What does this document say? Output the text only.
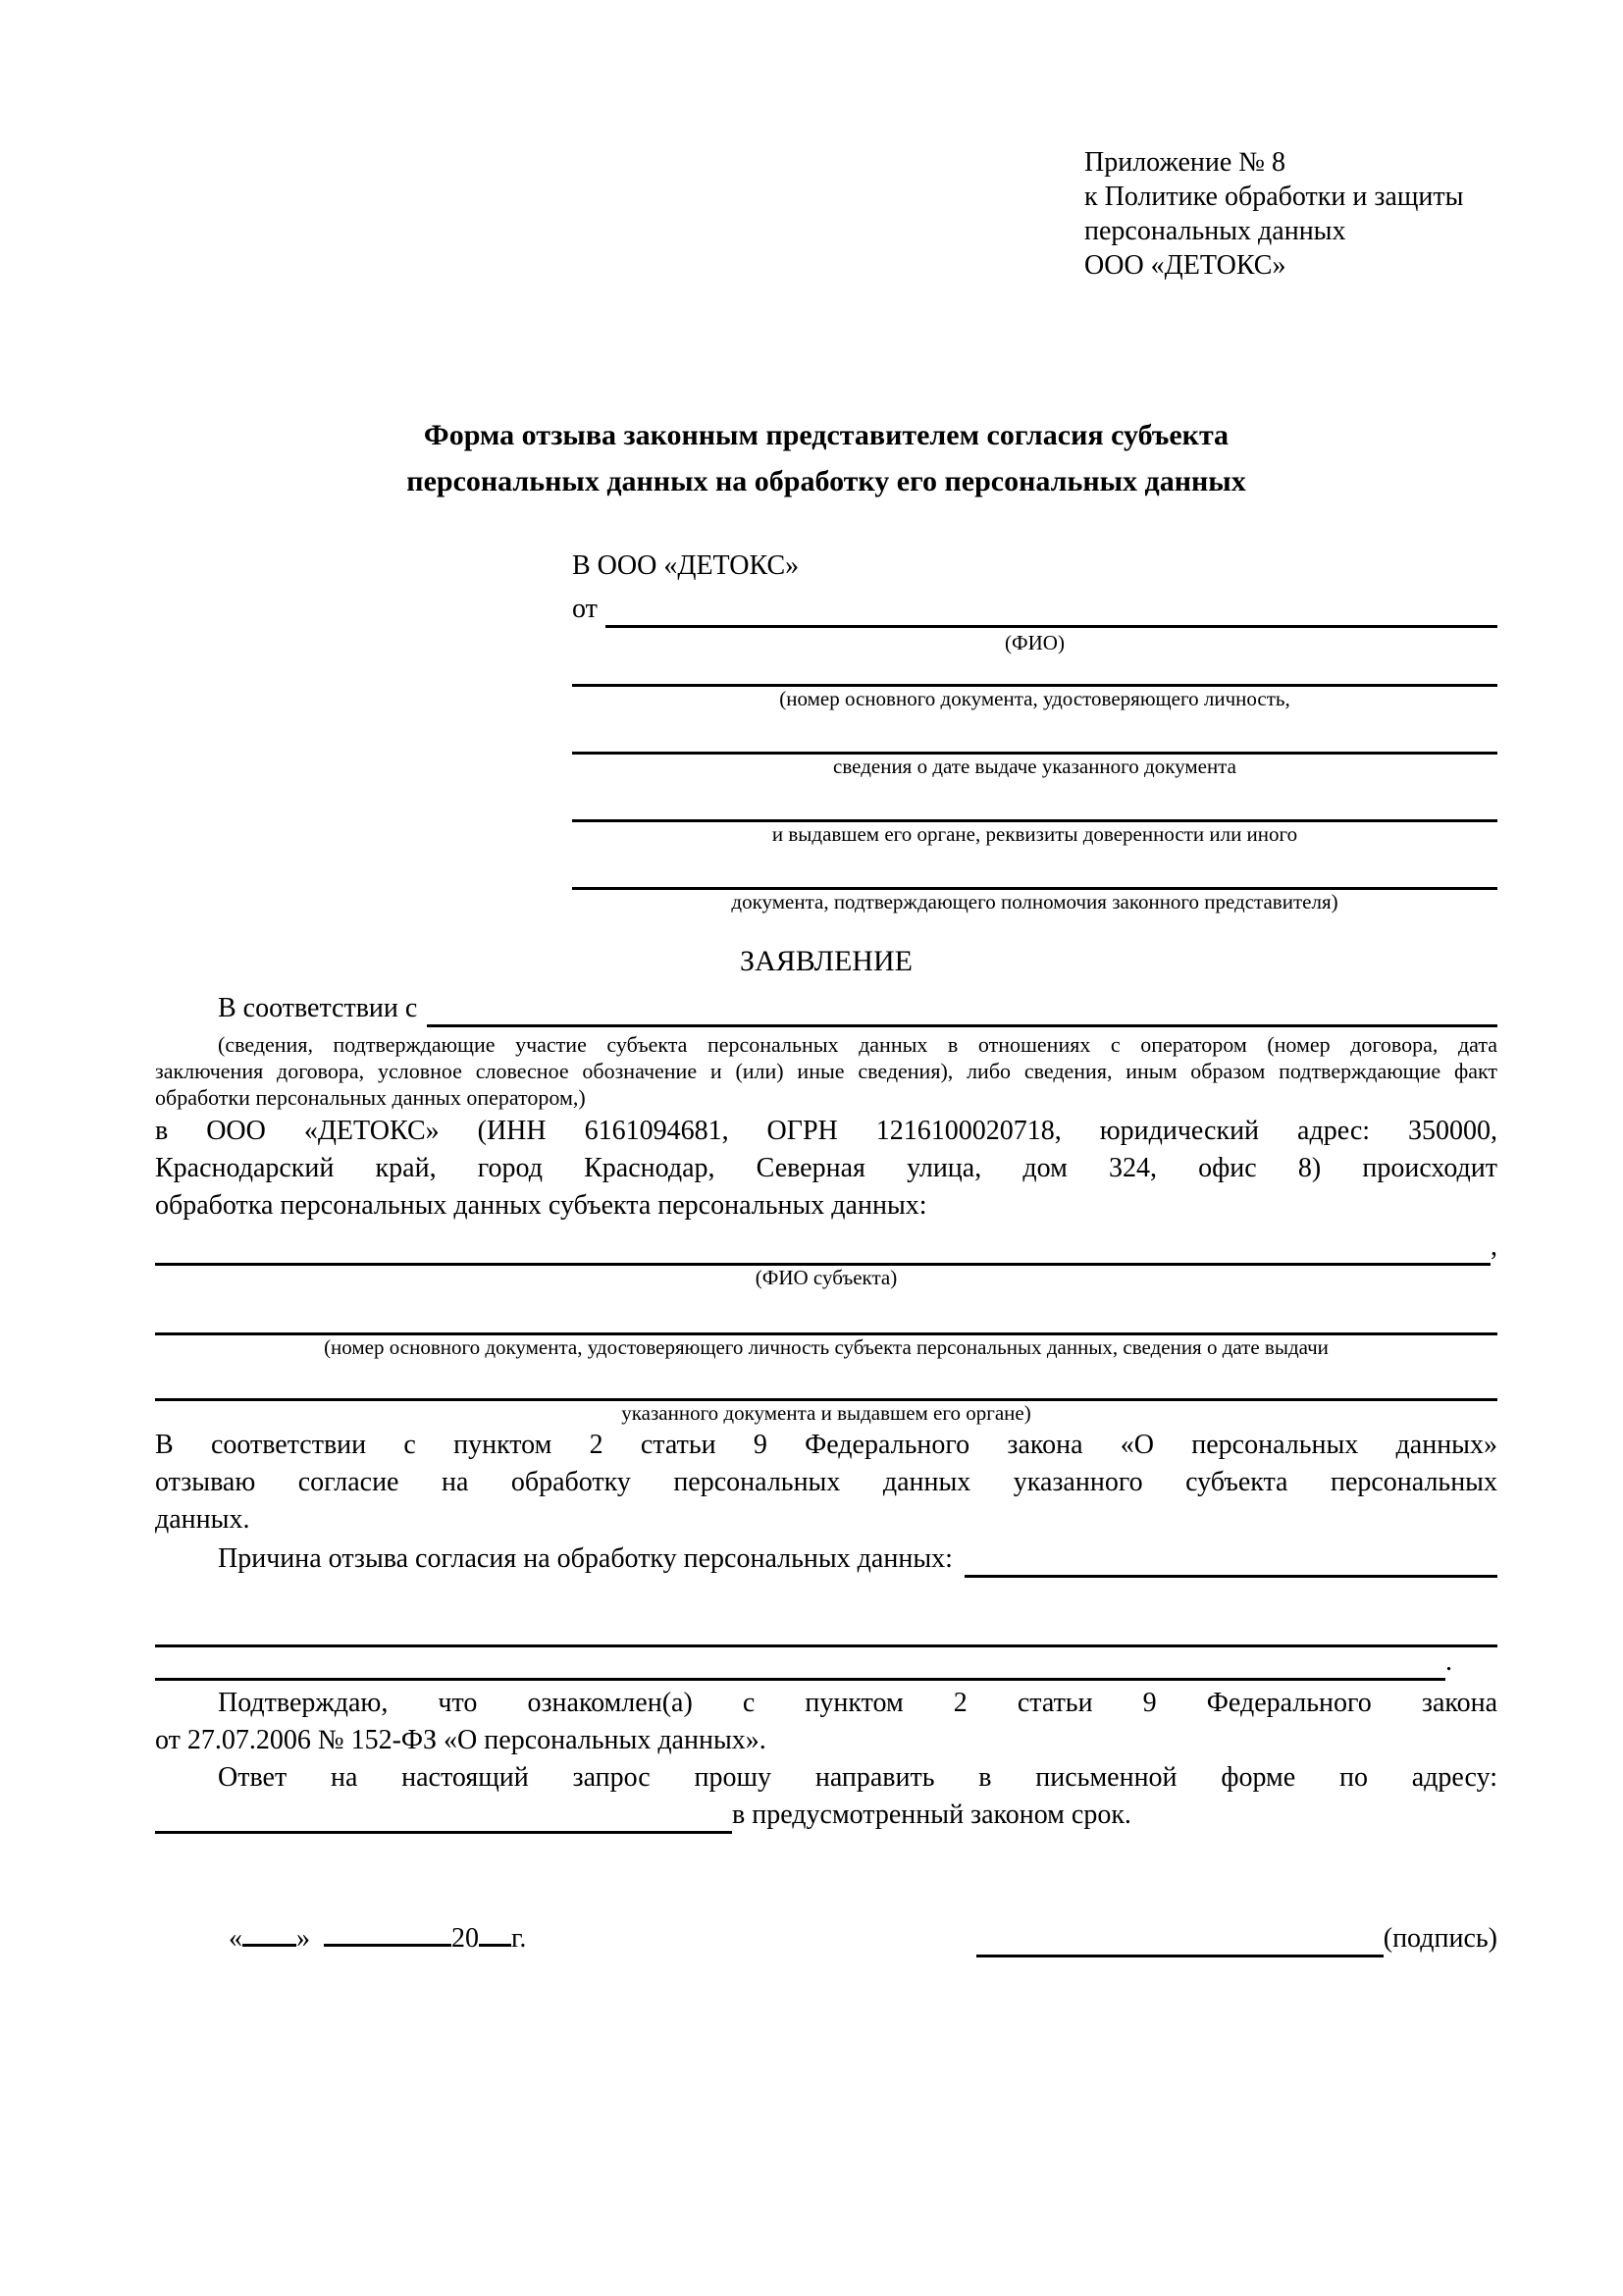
Приложение № 8
к Политике обработки и защиты
персональных данных
ООО «ДЕТОКС»
Форма отзыва законным представителем согласия субъекта
персональных данных на обработку его персональных данных
В ООО «ДЕТОКС»
от
(ФИО)
(номер основного документа, удостоверяющего личность,
сведения о дате выдаче указанного документа
и выдавшем его органе, реквизиты доверенности или иного
документа, подтверждающего полномочия законного представителя)
ЗАЯВЛЕНИЕ
В соответствии с
(сведения, подтверждающие участие субъекта персональных данных в отношениях с оператором (номер договора, дата
заключения договора, условное словесное обозначение и (или) иные сведения), либо сведения, иным образом подтверждающие факт
обработки персональных данных оператором,)
в ООО «ДЕТОКС» (ИНН 6161094681, ОГРН 1216100020718, юридический адрес: 350000,
Краснодарский край, город Краснодар, Северная улица, дом 324, офис 8) происходит
обработка персональных данных субъекта персональных данных:
,
(ФИО субъекта)
(номер основного документа, удостоверяющего личность субъекта персональных данных, сведения о дате выдачи
указанного документа и выдавшем его органе)
В соответствии с пунктом 2 статьи 9 Федерального закона «О персональных данных»
отзываю согласие на обработку персональных данных указанного субъекта персональных
данных.
Причина отзыва согласия на обработку персональных данных:
.
Подтверждаю, что ознакомлен(а) с пунктом 2 статьи 9 Федерального закона
от 27.07.2006 № 152-ФЗ «О персональных данных».
Ответ на настоящий запрос прошу направить в письменной форме по адресу:
в предусмотренный законом срок.
« »	20 г.	(подпись)
